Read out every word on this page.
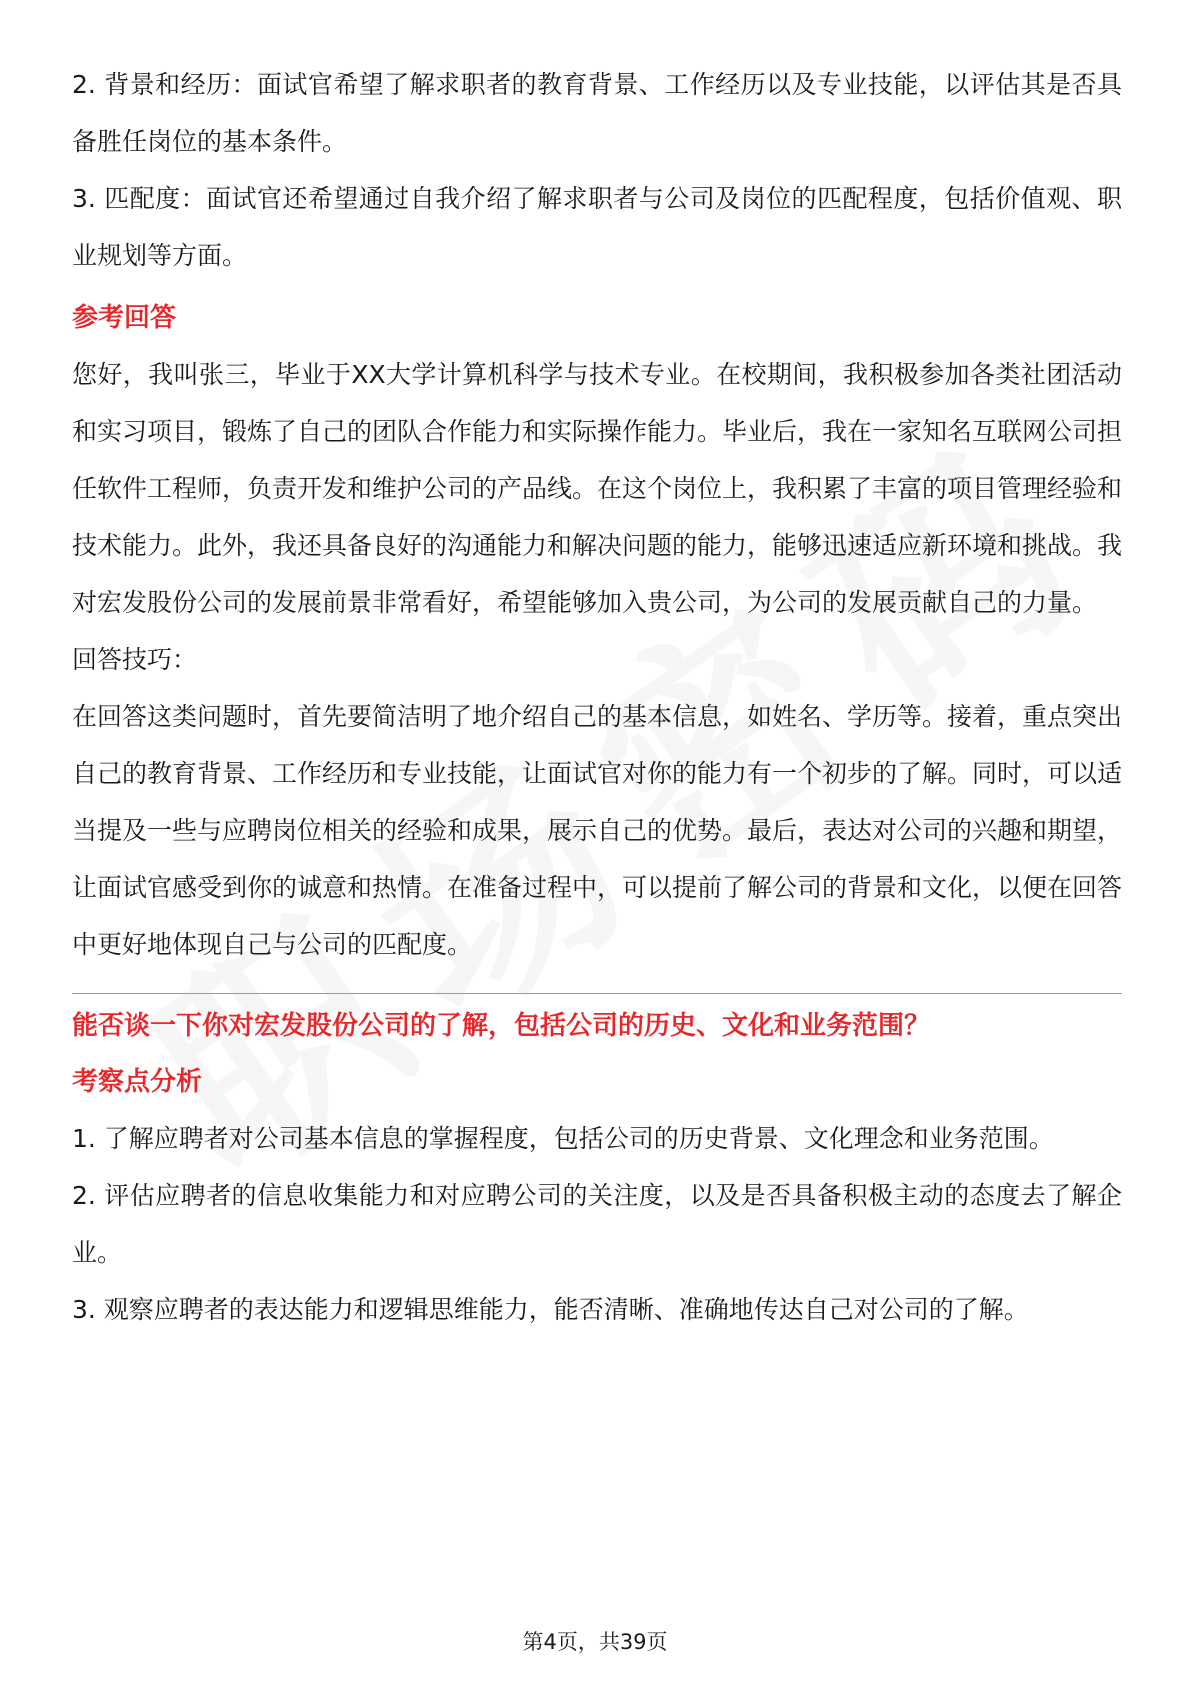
2. 背景和经历：面试官希望了解求职者的教育背景、工作经历以及专业技能，以评估其是否具备胜任岗位的基本条件。

3. 匹配度：面试官还希望通过自我介绍了解求职者与公司及岗位的匹配程度，包括价值观、职业规划等方面。

参考回答

您好，我叫张三，毕业于XX大学计算机科学与技术专业。在校期间，我积极参加各类社团活动和实习项目，锻炼了自己的团队合作能力和实际操作能力。毕业后，我在一家知名互联网公司担任软件工程师，负责开发和维护公司的产品线。在这个岗位上，我积累了丰富的项目管理经验和技术能力。此外，我还具备良好的沟通能力和解决问题的能力，能够迅速适应新环境和挑战。我对宏发股份公司的发展前景非常看好，希望能够加入贵公司，为公司的发展贡献自己的力量。

回答技巧：

在回答这类问题时，首先要简洁明了地介绍自己的基本信息，如姓名、学历等。接着，重点突出自己的教育背景、工作经历和专业技能，让面试官对你的能力有一个初步的了解。同时，可以适当提及一些与应聘岗位相关的经验和成果，展示自己的优势。最后，表达对公司的兴趣和期望，让面试官感受到你的诚意和热情。在准备过程中，可以提前了解公司的背景和文化，以便在回答中更好地体现自己与公司的匹配度。

能否谈一下你对宏发股份公司的了解，包括公司的历史、文化和业务范围？

考察点分析

1. 了解应聘者对公司基本信息的掌握程度，包括公司的历史背景、文化理念和业务范围。

2. 评估应聘者的信息收集能力和对应聘公司的关注度，以及是否具备积极主动的态度去了解企业。

3. 观察应聘者的表达能力和逻辑思维能力，能否清晰、准确地传达自己对公司的了解。

第4页，共39页
